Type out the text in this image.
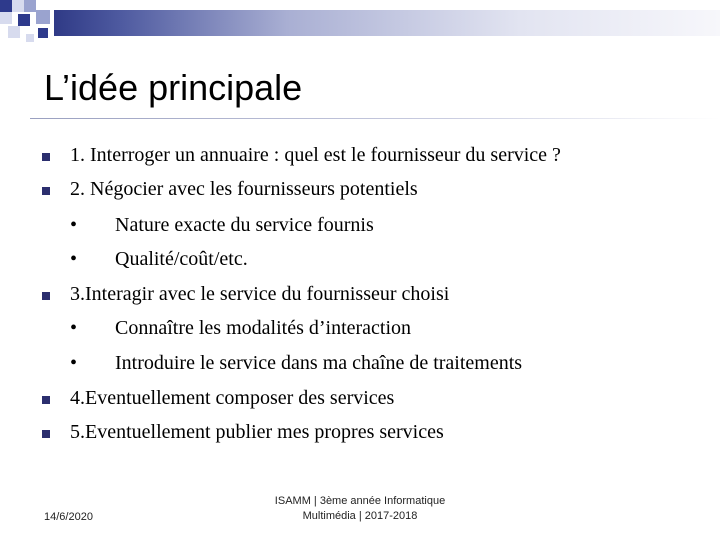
L’idée principale
1. Interroger un annuaire : quel est le fournisseur du service ?
2. Négocier avec les fournisseurs potentiels
• Nature exacte du service fournis
• Qualité/coût/etc.
3.Interagir avec le service du fournisseur choisi
• Connaître les modalités d’interaction
• Introduire le service dans ma chaîne de traitements
4.Eventuellement composer des services
5.Eventuellement publier mes propres services
14/6/2020
ISAMM | 3ème année Informatique
Multimédia | 2017-2018
